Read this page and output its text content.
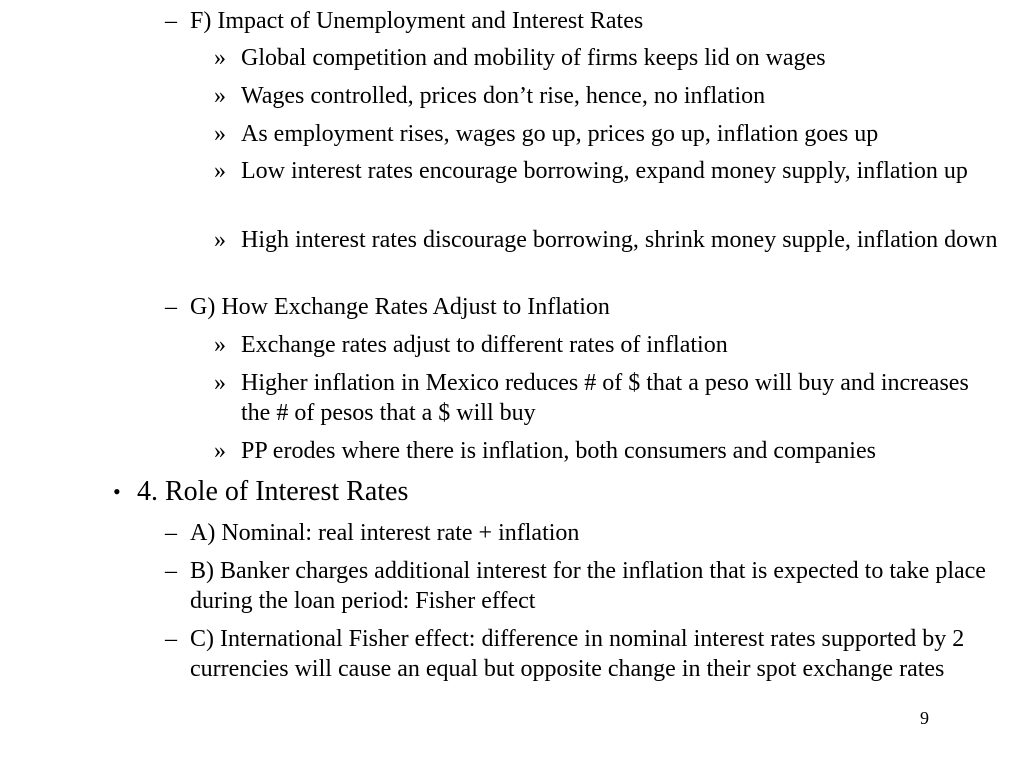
– F) Impact of Unemployment and Interest Rates
» Global competition and mobility of firms keeps lid on wages
» Wages controlled, prices don’t rise, hence, no inflation
» As employment rises, wages go up, prices go up, inflation goes up
» Low interest rates encourage borrowing, expand money supply, inflation up
» High interest rates discourage borrowing, shrink money supple, inflation down
– G) How Exchange Rates Adjust to Inflation
» Exchange rates adjust to different rates of inflation
» Higher inflation in Mexico reduces # of $ that a peso will buy and increases the # of pesos that a $ will buy
» PP erodes where there is inflation, both consumers and companies
• 4. Role of Interest Rates
– A) Nominal: real interest rate + inflation
– B) Banker charges additional interest for the inflation that is expected to take place during the loan period: Fisher effect
– C) International Fisher effect: difference in nominal interest rates supported by 2 currencies will cause an equal but opposite change in their spot exchange rates
9
